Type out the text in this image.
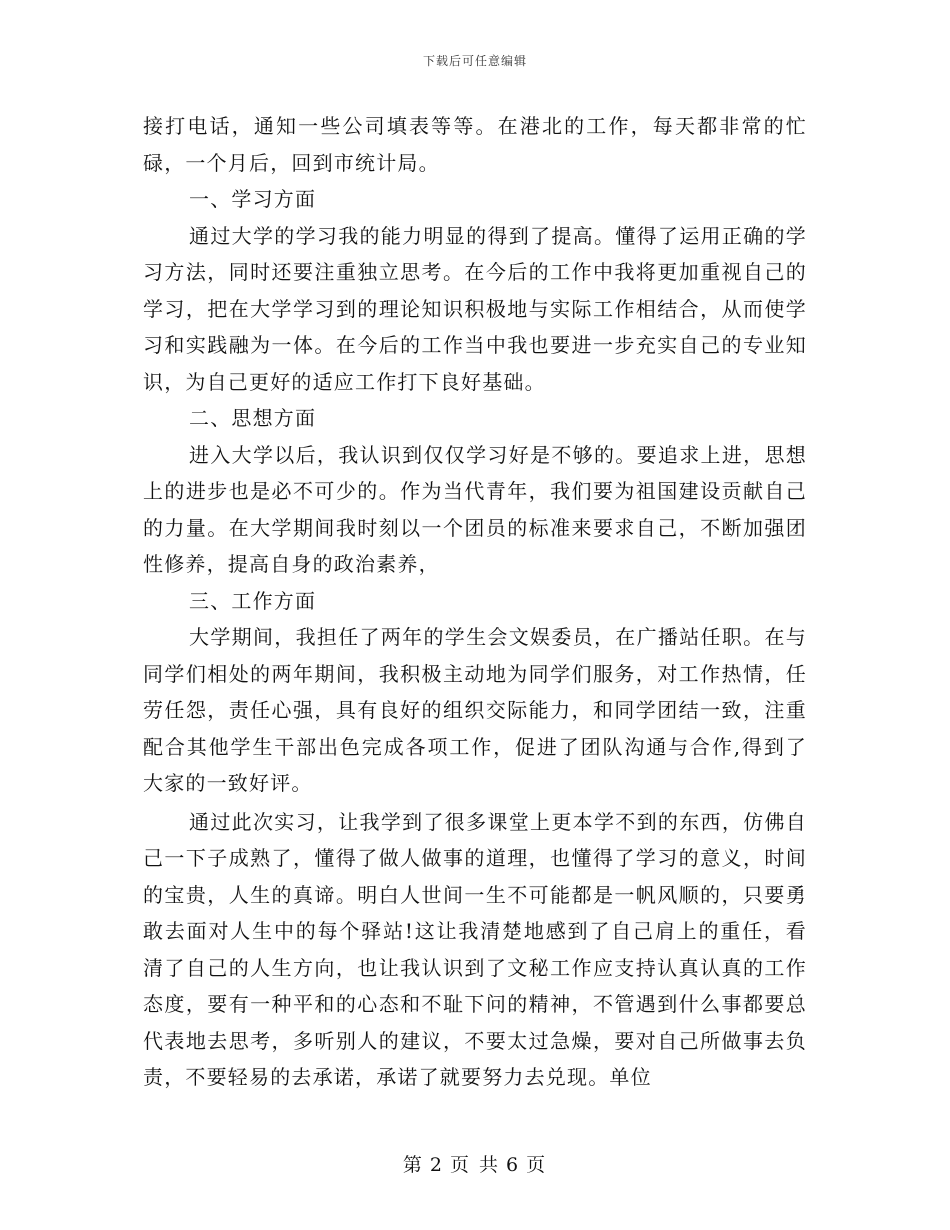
下载后可任意编辑

接打电话，通知一些公司填表等等。在港北的工作，每天都非常的忙碌，一个月后，回到市统计局。

一、学习方面

通过大学的学习我的能力明显的得到了提高。懂得了运用正确的学习方法，同时还要注重独立思考。在今后的工作中我将更加重视自己的学习，把在大学学习到的理论知识积极地与实际工作相结合，从而使学习和实践融为一体。在今后的工作当中我也要进一步充实自己的专业知识，为自己更好的适应工作打下良好基础。

二、思想方面

进入大学以后，我认识到仅仅学习好是不够的。要追求上进，思想上的进步也是必不可少的。作为当代青年，我们要为祖国建设贡献自己的力量。在大学期间我时刻以一个团员的标准来要求自己，不断加强团性修养，提高自身的政治素养，

三、工作方面

大学期间，我担任了两年的学生会文娱委员，在广播站任职。在与同学们相处的两年期间，我积极主动地为同学们服务，对工作热情，任劳任怨，责任心强，具有良好的组织交际能力，和同学团结一致，注重配合其他学生干部出色完成各项工作，促进了团队沟通与合作,得到了大家的一致好评。

通过此次实习，让我学到了很多课堂上更本学不到的东西，仿佛自己一下子成熟了，懂得了做人做事的道理，也懂得了学习的意义，时间的宝贵，人生的真谛。明白人世间一生不可能都是一帆风顺的，只要勇敢去面对人生中的每个驿站!这让我清楚地感到了自己肩上的重任，看清了自己的人生方向，也让我认识到了文秘工作应支持认真认真的工作态度，要有一种平和的心态和不耻下问的精神，不管遇到什么事都要总代表地去思考，多听别人的建议，不要太过急燥，要对自己所做事去负责，不要轻易的去承诺，承诺了就要努力去兑现。单位

第 2 页 共 6 页
